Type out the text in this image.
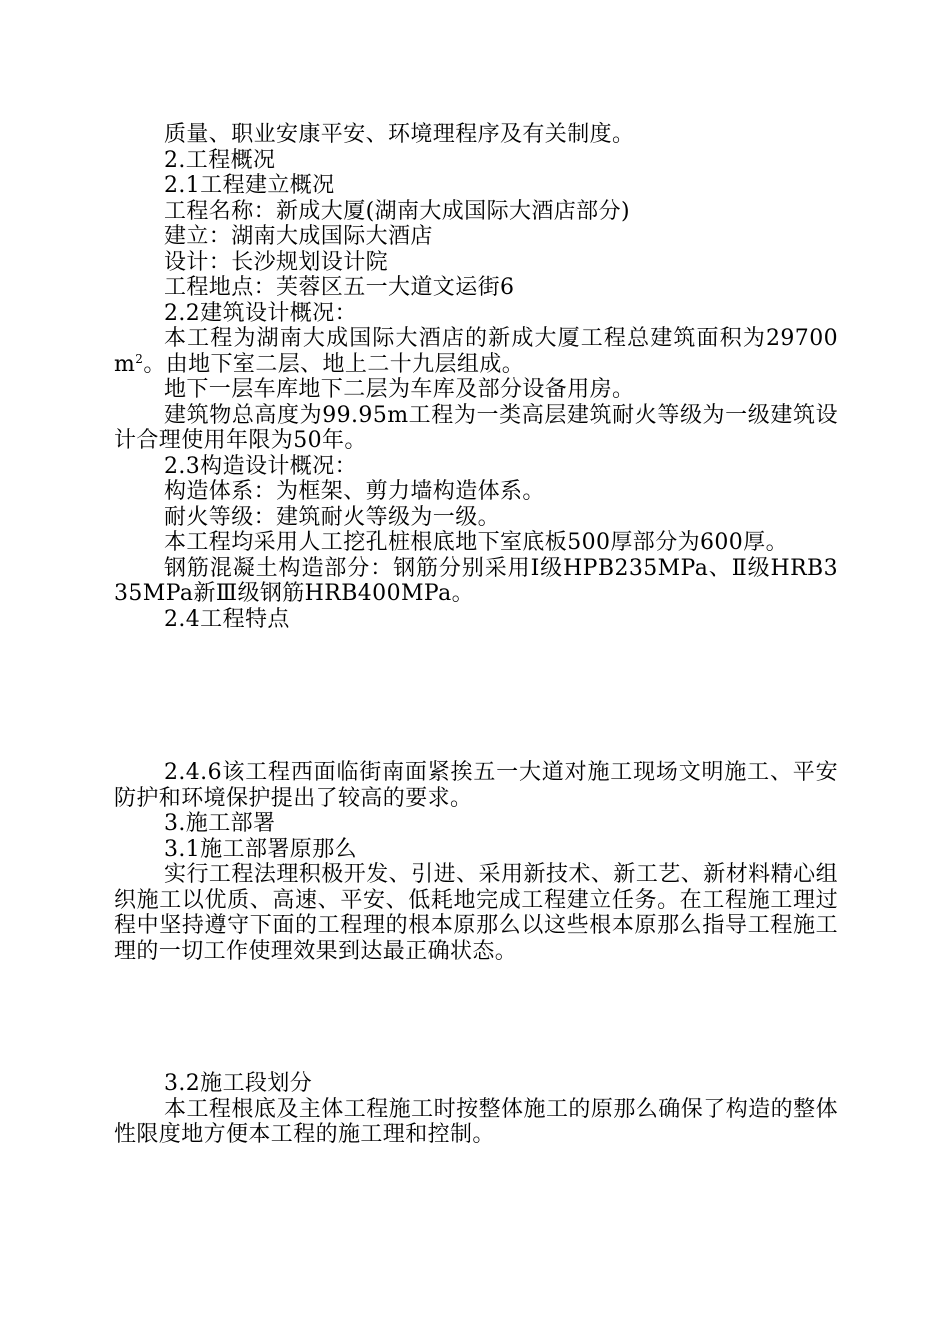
质量、职业安康平安、环境理程序及有关制度。

2.工程概况

2.1工程建立概况

工程名称：新成大厦(湖南大成国际大酒店部分)

建立：湖南大成国际大酒店

设计：长沙规划设计院

工程地点：芙蓉区五一大道文运街6

2.2建筑设计概况：

本工程为湖南大成国际大酒店的新成大厦工程总建筑面积为$29700m^2$。由地下室二层、地上二十九层组成。

地下一层车库地下二层为车库及部分设备用房。

建筑物总高度为99.95m工程为一类高层建筑耐火等级为一级建筑设计合理使用年限为50年。

2.3构造设计概况：

构造体系：为框架、剪力墙构造体系。

耐火等级：建筑耐火等级为一级。

本工程均采用人工挖孔桩根底地下室底板500厚部分为600厚。

钢筋混凝土构造部分：钢筋分别采用Ⅰ级HPB235MPa、Ⅱ级HRB335MPa新Ⅲ级钢筋HRB400MPa。

2.4工程特点

2.4.6该工程西面临街南面紧挨五一大道对施工现场文明施工、平安防护和环境保护提出了较高的要求。

3.施工部署

3.1施工部署原那么

实行工程法理积极开发、引进、采用新技术、新工艺、新材料精心组织施工以优质、高速、平安、低耗地完成工程建立任务。在工程施工理过程中坚持遵守下面的工程理的根本原那么以这些根本原那么指导工程施工理的一切工作使理效果到达最正确状态。

3.2施工段划分

本工程根底及主体工程施工时按整体施工的原那么确保了构造的整体性限度地方便本工程的施工理和控制。
